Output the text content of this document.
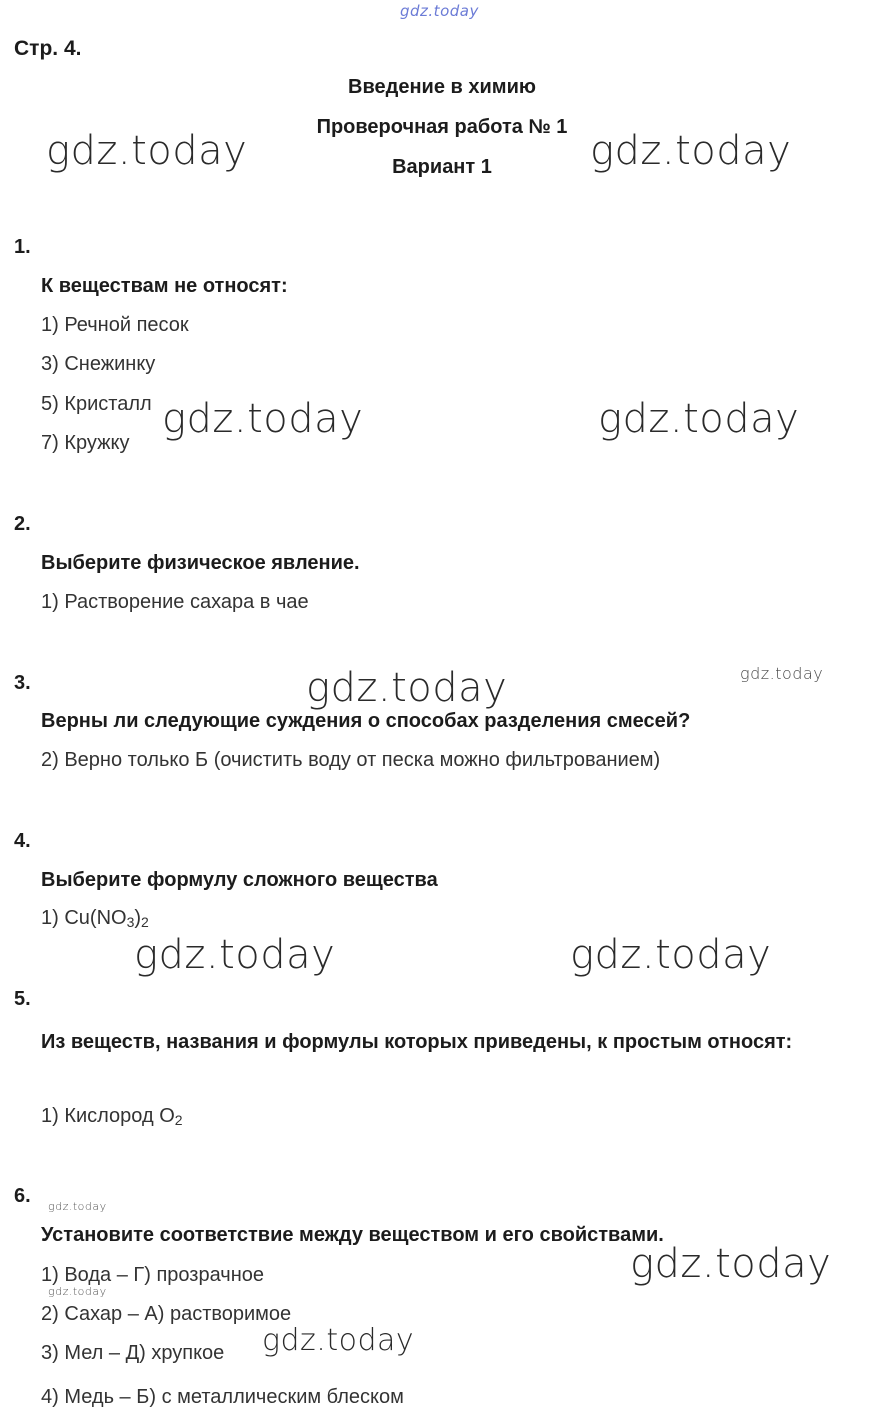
gdz.today
gdz.today	gdz.today
gdz.today	gdz.today
gdz.today	gdz.today
gdz.today	gdz.today
gdz.today
gdz.today
gdz.today
gdz.today
Стр. 4.
Введение в химию
Проверочная работа № 1
Вариант 1
1.
К веществам не относят:
1) Речной песок
3) Снежинку
5) Кристалл
7) Кружку
2.
Выберите физическое явление.
1) Растворение сахара в чае
3.
Верны ли следующие суждения о способах разделения смесей?
2) Верно только Б (очистить воду от песка можно фильтрованием)
4.
Выберите формулу сложного вещества
1) $Cu(NO_3)_2$
5.
Из веществ, названия и формулы которых приведены, к простым относят:
1) Кислород $O_2$
6.
Установите соответствие между веществом и его свойствами.
1) Вода – Г) прозрачное
2) Сахар – А) растворимое
3) Мел – Д) хрупкое
4) Медь – Б) с металлическим блеском
